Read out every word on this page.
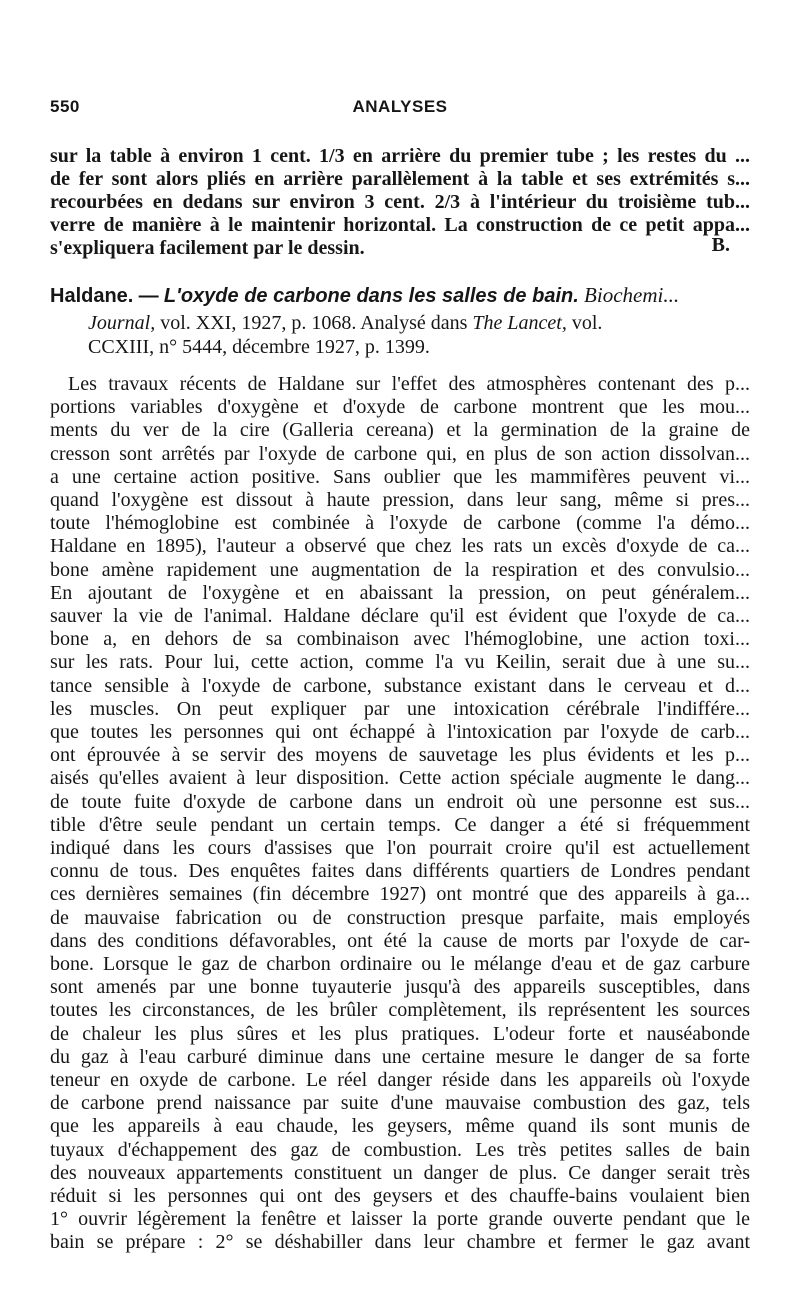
550	ANALYSES
sur la table à environ 1 cent. 1/3 en arrière du premier tube ; les restes du ...
de fer sont alors pliés en arrière parallèlement à la table et ses extrémités s...
recourbées en dedans sur environ 3 cent. 2/3 à l'intérieur du troisième tub...
verre de manière à le maintenir horizontal. La construction de ce petit appa...
s'expliquera facilement par le dessin.	B.
Haldane. — L'oxyde de carbone dans les salles de bain. Biochemi...
Journal, vol. XXI, 1927, p. 1068. Analysé dans The Lancet, vol.
CCXIII, n° 5444, décembre 1927, p. 1399.
Les travaux récents de Haldane sur l'effet des atmosphères contenant des p...
portions variables d'oxygène et d'oxyde de carbone montrent que les mou...
ments du ver de la cire (Galleria cereana) et la germination de la graine de
cresson sont arrêtés par l'oxyde de carbone qui, en plus de son action dissolvan...
a une certaine action positive. Sans oublier que les mammifères peuvent vi...
quand l'oxygène est dissout à haute pression, dans leur sang, même si pres...
toute l'hémoglobine est combinée à l'oxyde de carbone (comme l'a démo...
Haldane en 1895), l'auteur a observé que chez les rats un excès d'oxyde de ca...
bone amène rapidement une augmentation de la respiration et des convulsio...
En ajoutant de l'oxygène et en abaissant la pression, on peut généralem...
sauver la vie de l'animal. Haldane déclare qu'il est évident que l'oxyde de ca...
bone a, en dehors de sa combinaison avec l'hémoglobine, une action toxi...
sur les rats. Pour lui, cette action, comme l'a vu Keilin, serait due à une su...
tance sensible à l'oxyde de carbone, substance existant dans le cerveau et d...
les muscles. On peut expliquer par une intoxication cérébrale l'indiffére...
que toutes les personnes qui ont échappé à l'intoxication par l'oxyde de carb...
ont éprouvée à se servir des moyens de sauvetage les plus évidents et les p...
aisés qu'elles avaient à leur disposition. Cette action spéciale augmente le dang...
de toute fuite d'oxyde de carbone dans un endroit où une personne est sus...
tible d'être seule pendant un certain temps. Ce danger a été si fréquemment
indiqué dans les cours d'assises que l'on pourrait croire qu'il est actuellement
connu de tous. Des enquêtes faites dans différents quartiers de Londres pendant
ces dernières semaines (fin décembre 1927) ont montré que des appareils à ga...
de mauvaise fabrication ou de construction presque parfaite, mais employés
dans des conditions défavorables, ont été la cause de morts par l'oxyde de car-
bone. Lorsque le gaz de charbon ordinaire ou le mélange d'eau et de gaz carbure
sont amenés par une bonne tuyauterie jusqu'à des appareils susceptibles, dans
toutes les circonstances, de les brûler complètement, ils représentent les sources
de chaleur les plus sûres et les plus pratiques. L'odeur forte et nauséabonde
du gaz à l'eau carburé diminue dans une certaine mesure le danger de sa forte
teneur en oxyde de carbone. Le réel danger réside dans les appareils où l'oxyde
de carbone prend naissance par suite d'une mauvaise combustion des gaz, tels
que les appareils à eau chaude, les geysers, même quand ils sont munis de
tuyaux d'échappement des gaz de combustion. Les très petites salles de bain
des nouveaux appartements constituent un danger de plus. Ce danger serait très
réduit si les personnes qui ont des geysers et des chauffe-bains voulaient bien
1° ouvrir légèrement la fenêtre et laisser la porte grande ouverte pendant que le
bain se prépare : 2° se déshabiller dans leur chambre et fermer le gaz avant
